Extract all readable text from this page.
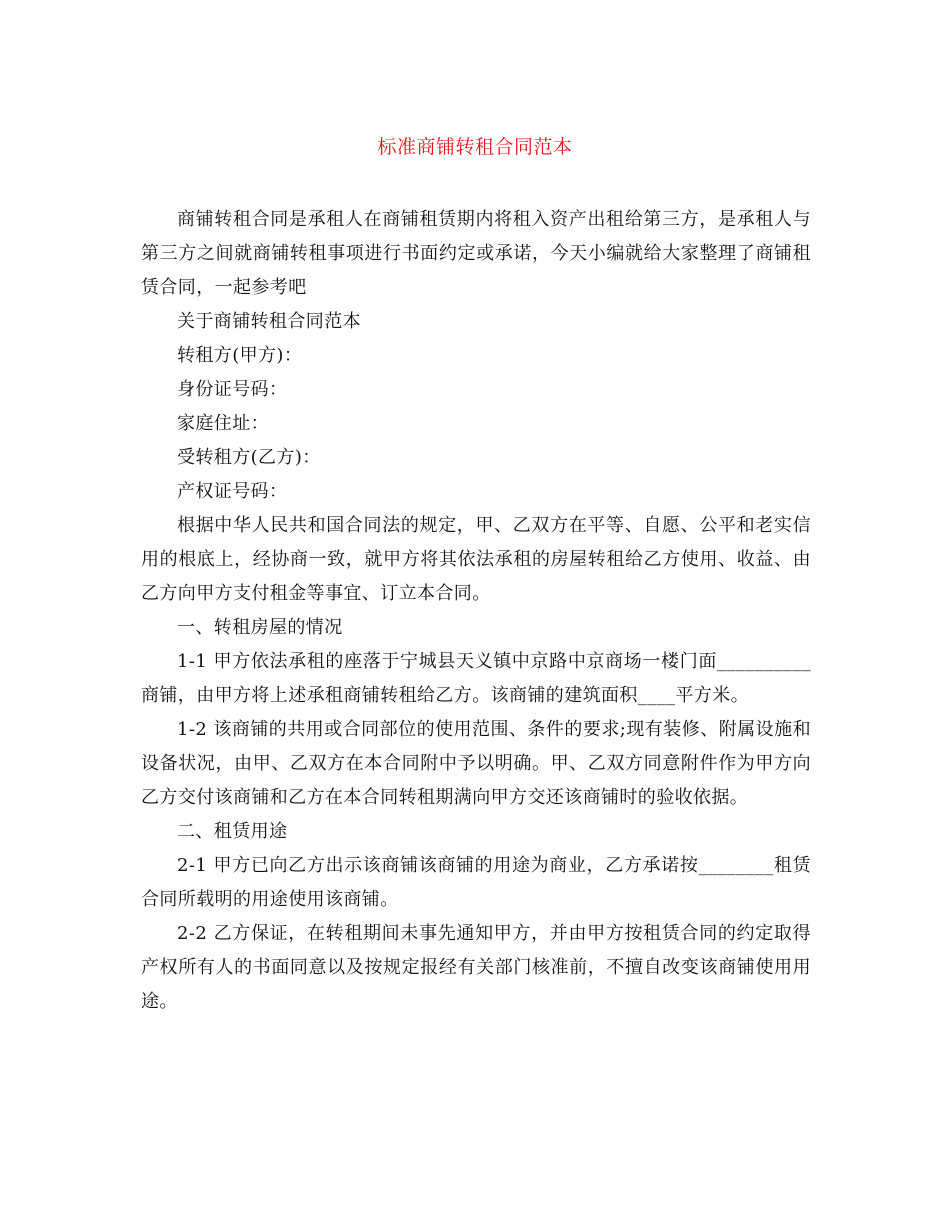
标准商铺转租合同范本

商铺转租合同是承租人在商铺租赁期内将租入资产出租给第三方，是承租人与第三方之间就商铺转租事项进行书面约定或承诺，今天小编就给大家整理了商铺租赁合同，一起参考吧

关于商铺转租合同范本

转租方(甲方)：

身份证号码：

家庭住址：

受转租方(乙方)：

产权证号码：

根据中华人民共和国合同法的规定，甲、乙双方在平等、自愿、公平和老实信用的根底上，经协商一致，就甲方将其依法承租的房屋转租给乙方使用、收益、由乙方向甲方支付租金等事宜、订立本合同。

一、转租房屋的情况

1-1 甲方依法承租的座落于宁城县天义镇中京路中京商场一楼门面__________商铺，由甲方将上述承租商铺转租给乙方。该商铺的建筑面积____平方米。

1-2 该商铺的共用或合同部位的使用范围、条件的要求;现有装修、附属设施和设备状况，由甲、乙双方在本合同附中予以明确。甲、乙双方同意附件作为甲方向乙方交付该商铺和乙方在本合同转租期满向甲方交还该商铺时的验收依据。

二、租赁用途

2-1 甲方已向乙方出示该商铺该商铺的用途为商业，乙方承诺按________租赁合同所载明的用途使用该商铺。

2-2 乙方保证，在转租期间未事先通知甲方，并由甲方按租赁合同的约定取得产权所有人的书面同意以及按规定报经有关部门核准前，不擅自改变该商铺使用用途。
